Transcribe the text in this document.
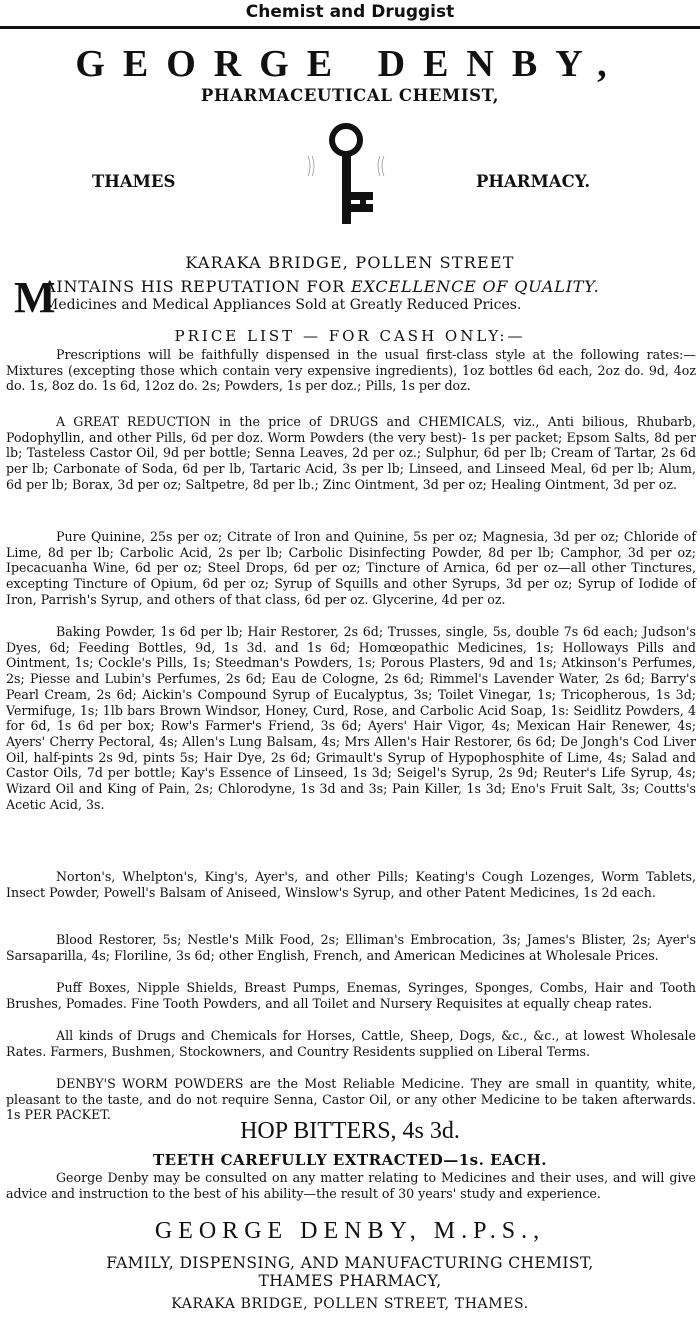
Chemist and Druggist
GEORGE DENBY,
PHARMACEUTICAL CHEMIST,
THAMES	PHARMACY.
KARAKA BRIDGE, POLLEN STREET
M
AINTAINS HIS REPUTATION FOR EXCELLENCE OF QUALITY.
Medicines and Medical Appliances Sold at Greatly Reduced Prices.
PRICE LIST — FOR CASH ONLY:—
Prescriptions will be faithfully dispensed in the usual first-class style at the following rates:—Mixtures (excepting those which contain very expensive ingredients), 1oz bottles 6d each, 2oz do. 9d, 4oz do. 1s, 8oz do. 1s 6d, 12oz do. 2s; Powders, 1s per doz.; Pills, 1s per doz.
A GREAT REDUCTION in the price of DRUGS and CHEMICALS, viz., Anti bilious, Rhubarb, Podophyllin, and other Pills, 6d per doz. Worm Powders (the very best)- 1s per packet; Epsom Salts, 8d per lb; Tasteless Castor Oil, 9d per bottle; Senna Leaves, 2d per oz.; Sulphur, 6d per lb; Cream of Tartar, 2s 6d per lb; Carbonate of Soda, 6d per lb, Tartaric Acid, 3s per lb; Linseed, and Linseed Meal, 6d per lb; Alum, 6d per lb; Borax, 3d per oz; Saltpetre, 8d per lb.; Zinc Ointment, 3d per oz; Healing Ointment, 3d per oz.
Pure Quinine, 25s per oz; Citrate of Iron and Quinine, 5s per oz; Magnesia, 3d per oz; Chloride of Lime, 8d per lb; Carbolic Acid, 2s per lb; Carbolic Disinfecting Powder, 8d per lb; Camphor, 3d per oz; Ipecacuanha Wine, 6d per oz; Steel Drops, 6d per oz; Tincture of Arnica, 6d per oz—all other Tinctures, excepting Tincture of Opium, 6d per oz; Syrup of Squills and other Syrups, 3d per oz; Syrup of Iodide of Iron, Parrish's Syrup, and others of that class, 6d per oz. Glycerine, 4d per oz.
Baking Powder, 1s 6d per lb; Hair Restorer, 2s 6d; Trusses, single, 5s, double 7s 6d each; Judson's Dyes, 6d; Feeding Bottles, 9d, 1s 3d. and 1s 6d; Homœopathic Medicines, 1s; Holloways Pills and Ointment, 1s; Cockle's Pills, 1s; Steedman's Powders, 1s; Porous Plasters, 9d and 1s; Atkinson's Perfumes, 2s; Piesse and Lubin's Perfumes, 2s 6d; Eau de Cologne, 2s 6d; Rimmel's Lavender Water, 2s 6d; Barry's Pearl Cream, 2s 6d; Aickin's Compound Syrup of Eucalyptus, 3s; Toilet Vinegar, 1s; Tricopherous, 1s 3d; Vermifuge, 1s; 1lb bars Brown Windsor, Honey, Curd, Rose, and Carbolic Acid Soap, 1s: Seidlitz Powders, 4 for 6d, 1s 6d per box; Row's Farmer's Friend, 3s 6d; Ayers' Hair Vigor, 4s; Mexican Hair Renewer, 4s; Ayers' Cherry Pectoral, 4s; Allen's Lung Balsam, 4s; Mrs Allen's Hair Restorer, 6s 6d; De Jongh's Cod Liver Oil, half-pints 2s 9d, pints 5s; Hair Dye, 2s 6d; Grimault's Syrup of Hypophosphite of Lime, 4s; Salad and Castor Oils, 7d per bottle; Kay's Essence of Linseed, 1s 3d; Seigel's Syrup, 2s 9d; Reuter's Life Syrup, 4s; Wizard Oil and King of Pain, 2s; Chlorodyne, 1s 3d and 3s; Pain Killer, 1s 3d; Eno's Fruit Salt, 3s; Coutts's Acetic Acid, 3s.
Norton's, Whelpton's, King's, Ayer's, and other Pills; Keating's Cough Lozenges, Worm Tablets, Insect Powder, Powell's Balsam of Aniseed, Winslow's Syrup, and other Patent Medicines, 1s 2d each.
Blood Restorer, 5s; Nestle's Milk Food, 2s; Elliman's Embrocation, 3s; James's Blister, 2s; Ayer's Sarsaparilla, 4s; Floriline, 3s 6d; other English, French, and American Medicines at Wholesale Prices.
Puff Boxes, Nipple Shields, Breast Pumps, Enemas, Syringes, Sponges, Combs, Hair and Tooth Brushes, Pomades. Fine Tooth Powders, and all Toilet and Nursery Requisites at equally cheap rates.
All kinds of Drugs and Chemicals for Horses, Cattle, Sheep, Dogs, &c., &c., at lowest Wholesale Rates. Farmers, Bushmen, Stockowners, and Country Residents supplied on Liberal Terms.
DENBY'S WORM POWDERS are the Most Reliable Medicine. They are small in quantity, white, pleasant to the taste, and do not require Senna, Castor Oil, or any other Medicine to be taken afterwards. 1s PER PACKET.
HOP BITTERS, 4s 3d.
TEETH CAREFULLY EXTRACTED—1s. EACH.
George Denby may be consulted on any matter relating to Medicines and their uses, and will give advice and instruction to the best of his ability—the result of 30 years' study and experience.
GEORGE DENBY, M.P.S.,
FAMILY, DISPENSING, AND MANUFACTURING CHEMIST,
THAMES PHARMACY,
KARAKA BRIDGE, POLLEN STREET, THAMES.
